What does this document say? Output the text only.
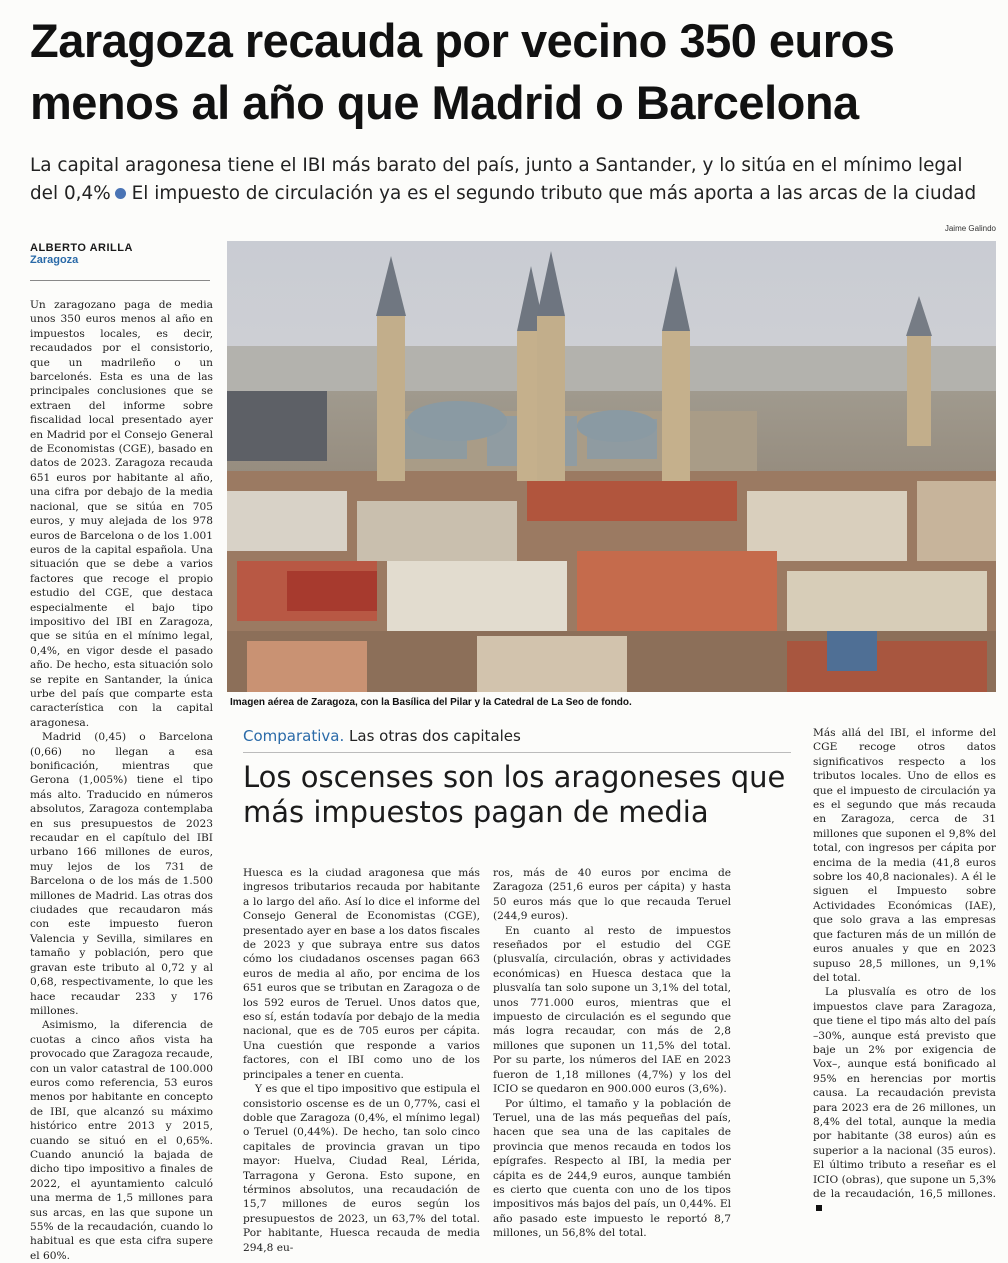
Zaragoza recauda por vecino 350 euros menos al año que Madrid o Barcelona

La capital aragonesa tiene el IBI más barato del país, junto a Santander, y lo sitúa en el mínimo legal del 0,4% El impuesto de circulación ya es el segundo tributo que más aporta a las arcas de la ciudad

Jaime Galindo
ALBERTO ARILLA
Zaragoza
Imagen aérea de Zaragoza, con la Basílica del Pilar y la Catedral de La Seo de fondo.

Un zaragozano paga de media unos 350 euros menos al año en impuestos locales, es decir, recaudados por el consistorio, que un madrileño o un barcelonés. Esta es una de las principales conclusiones que se extraen del informe sobre fiscalidad local presentado ayer en Madrid por el Consejo General de Economistas (CGE), basado en datos de 2023. Zaragoza recauda 651 euros por habitante al año, una cifra por debajo de la media nacional, que se sitúa en 705 euros, y muy alejada de los 978 euros de Barcelona o de los 1.001 euros de la capital española. Una situación que se debe a varios factores que recoge el propio estudio del CGE, que destaca especialmente el bajo tipo impositivo del IBI en Zaragoza, que se sitúa en el mínimo legal, 0,4%, en vigor desde el pasado año. De hecho, esta situación solo se repite en Santander, la única urbe del país que comparte esta característica con la capital aragonesa.

Madrid (0,45) o Barcelona (0,66) no llegan a esa bonificación, mientras que Gerona (1,005%) tiene el tipo más alto. Traducido en números absolutos, Zaragoza contemplaba en sus presupuestos de 2023 recaudar en el capítulo del IBI urbano 166 millones de euros, muy lejos de los 731 de Barcelona o de los más de 1.500 millones de Madrid. Las otras dos ciudades que recaudaron más con este impuesto fueron Valencia y Sevilla, similares en tamaño y población, pero que gravan este tributo al 0,72 y al 0,68, respectivamente, lo que les hace recaudar 233 y 176 millones.

Asimismo, la diferencia de cuotas a cinco años vista ha provocado que Zaragoza recaude, con un valor catastral de 100.000 euros como referencia, 53 euros menos por habitante en concepto de IBI, que alcanzó su máximo histórico entre 2013 y 2015, cuando se situó en el 0,65%. Cuando anunció la bajada de dicho tipo impositivo a finales de 2022, el ayuntamiento calculó una merma de 1,5 millones para sus arcas, en las que supone un 55% de la recaudación, cuando lo habitual es que esta cifra supere el 60%.

Comparativa. Las otras dos capitales
Los oscenses son los aragoneses que más impuestos pagan de media

Huesca es la ciudad aragonesa que más ingresos tributarios recauda por habitante a lo largo del año. Así lo dice el informe del Consejo General de Economistas (CGE), presentado ayer en base a los datos fiscales de 2023 y que subraya entre sus datos cómo los ciudadanos oscenses pagan 663 euros de media al año, por encima de los 651 euros que se tributan en Zaragoza o de los 592 euros de Teruel. Unos datos que, eso sí, están todavía por debajo de la media nacional, que es de 705 euros per cápita. Una cuestión que responde a varios factores, con el IBI como uno de los principales a tener en cuenta.

Y es que el tipo impositivo que estipula el consistorio oscense es de un 0,77%, casi el doble que Zaragoza (0,4%, el mínimo legal) o Teruel (0,44%). De hecho, tan solo cinco capitales de provincia gravan un tipo mayor: Huelva, Ciudad Real, Lérida, Tarragona y Gerona. Esto supone, en términos absolutos, una recaudación de 15,7 millones de euros según los presupuestos de 2023, un 63,7% del total. Por habitante, Huesca recauda de media 294,8 eu-

ros, más de 40 euros por encima de Zaragoza (251,6 euros per cápita) y hasta 50 euros más que lo que recauda Teruel (244,9 euros).

En cuanto al resto de impuestos reseñados por el estudio del CGE (plusvalía, circulación, obras y actividades económicas) en Huesca destaca que la plusvalía tan solo supone un 3,1% del total, unos 771.000 euros, mientras que el impuesto de circulación es el segundo que más logra recaudar, con más de 2,8 millones que suponen un 11,5% del total. Por su parte, los números del IAE en 2023 fueron de 1,18 millones (4,7%) y los del ICIO se quedaron en 900.000 euros (3,6%).

Por último, el tamaño y la población de Teruel, una de las más pequeñas del país, hacen que sea una de las capitales de provincia que menos recauda en todos los epígrafes. Respecto al IBI, la media per cápita es de 244,9 euros, aunque también es cierto que cuenta con uno de los tipos impositivos más bajos del país, un 0,44%. El año pasado este impuesto le reportó 8,7 millones, un 56,8% del total.

Más allá del IBI, el informe del CGE recoge otros datos significativos respecto a los tributos locales. Uno de ellos es que el impuesto de circulación ya es el segundo que más recauda en Zaragoza, cerca de 31 millones que suponen el 9,8% del total, con ingresos per cápita por encima de la media (41,8 euros sobre los 40,8 nacionales). A él le siguen el Impuesto sobre Actividades Económicas (IAE), que solo grava a las empresas que facturen más de un millón de euros anuales y que en 2023 supuso 28,5 millones, un 9,1% del total.

La plusvalía es otro de los impuestos clave para Zaragoza, que tiene el tipo más alto del país –30%, aunque está previsto que baje un 2% por exigencia de Vox–, aunque está bonificado al 95% en herencias por mortis causa. La recaudación prevista para 2023 era de 26 millones, un 8,4% del total, aunque la media por habitante (38 euros) aún es superior a la nacional (35 euros). El último tributo a reseñar es el ICIO (obras), que supone un 5,3% de la recaudación, 16,5 millones.
